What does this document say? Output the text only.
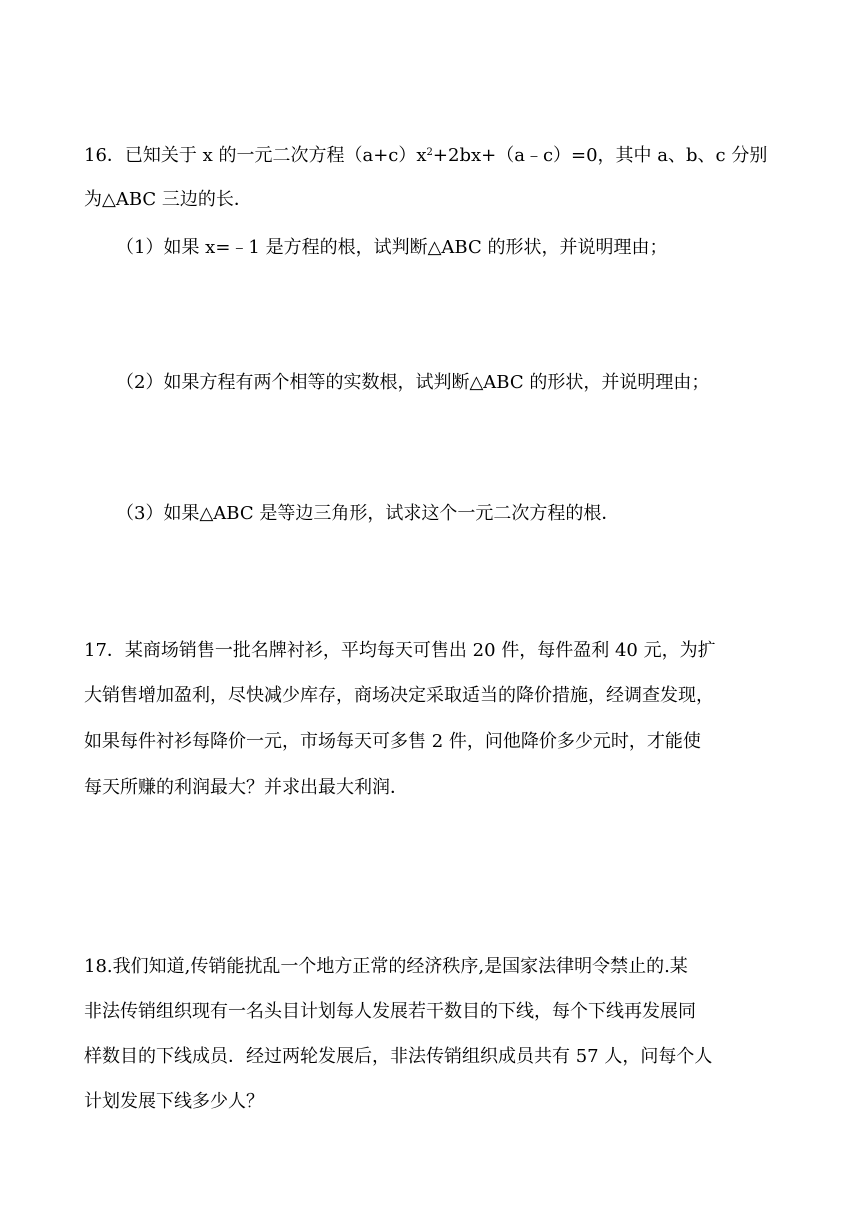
16．已知关于 x 的一元二次方程$(a+c)x^2+2bx+(a﹣c)=0$，其中 a、b、c 分别
为△ABC 三边的长．
（1）如果 x=﹣1 是方程的根，试判断△ABC 的形状，并说明理由；
（2）如果方程有两个相等的实数根，试判断△ABC 的形状，并说明理由；
（3）如果△ABC 是等边三角形，试求这个一元二次方程的根．
17．某商场销售一批名牌衬衫，平均每天可售出 20 件，每件盈利 40 元，为扩
大销售增加盈利，尽快减少库存，商场决定采取适当的降价措施，经调查发现，
如果每件衬衫每降价一元，市场每天可多售 2 件，问他降价多少元时，才能使
每天所赚的利润最大？并求出最大利润．
18.我们知道,传销能扰乱一个地方正常的经济秩序,是国家法律明令禁止的.某
非法传销组织现有一名头目计划每人发展若干数目的下线，每个下线再发展同
样数目的下线成员．经过两轮发展后，非法传销组织成员共有 57 人，问每个人
计划发展下线多少人？
